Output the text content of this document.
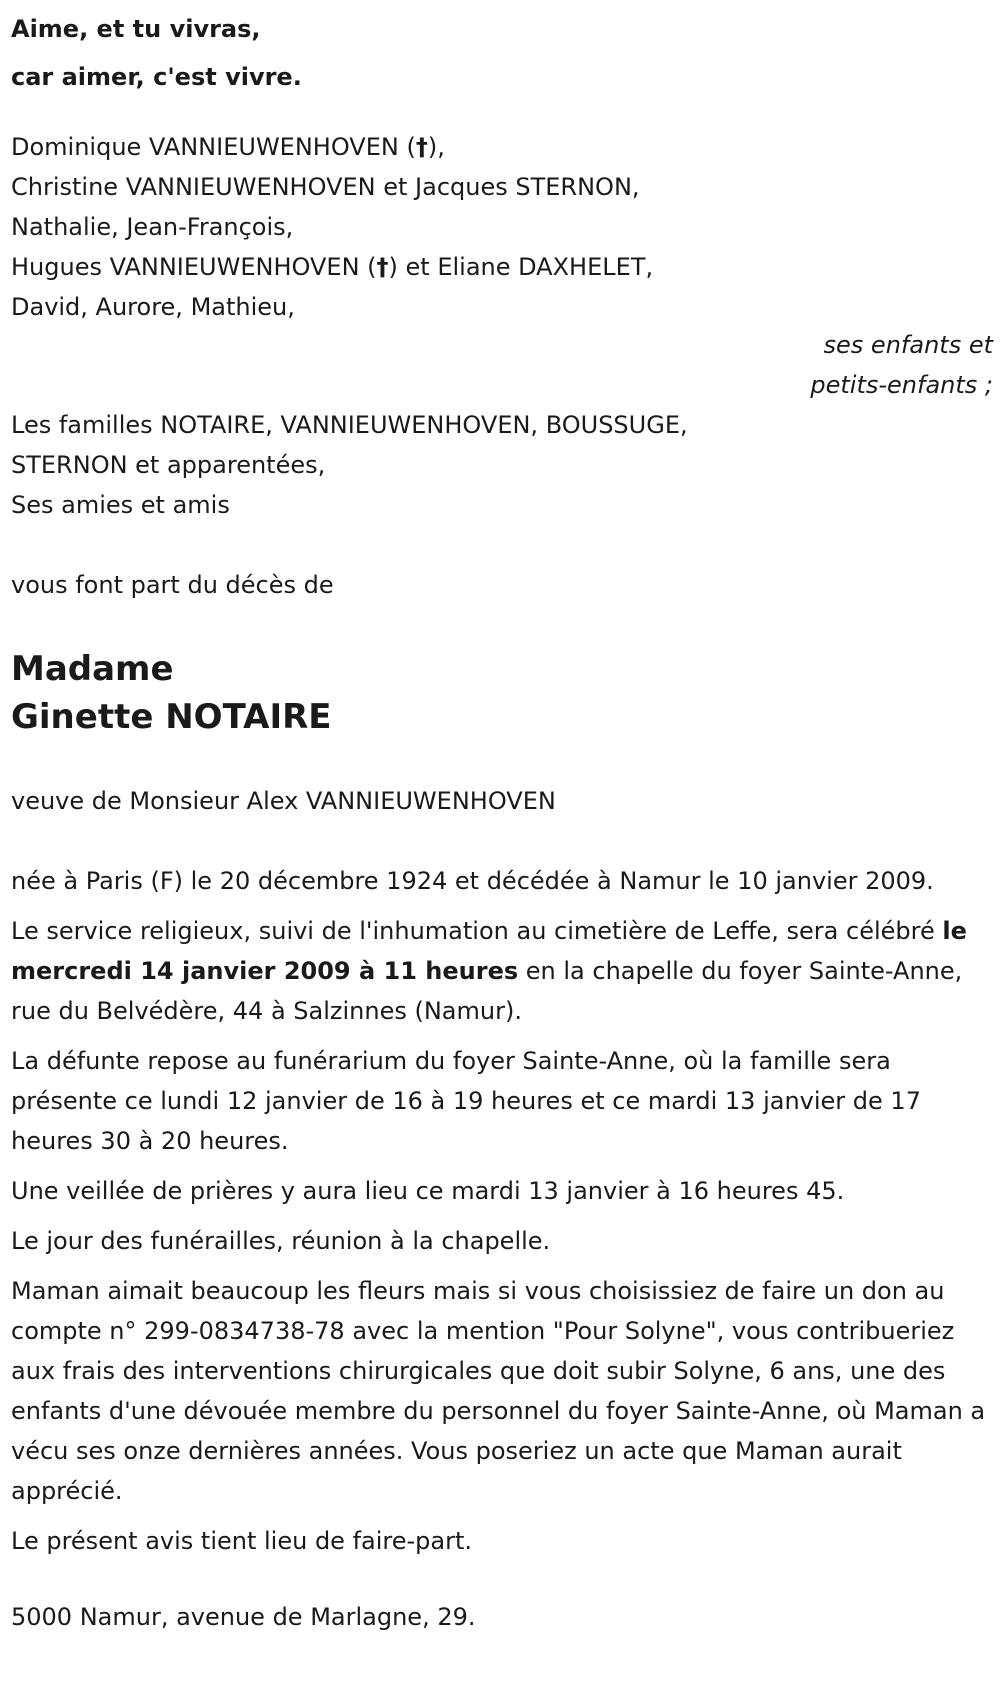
Aime, et tu vivras,
car aimer, c'est vivre.
Dominique VANNIEUWENHOVEN (†),
Christine VANNIEUWENHOVEN et Jacques STERNON,
Nathalie, Jean-François,
Hugues VANNIEUWENHOVEN (†) et Eliane DAXHELET,
David, Aurore, Mathieu,
ses enfants et
petits-enfants ;
Les familles NOTAIRE, VANNIEUWENHOVEN, BOUSSUGE,
STERNON et apparentées,
Ses amies et amis
vous font part du décès de
Madame
Ginette NOTAIRE
veuve de Monsieur Alex VANNIEUWENHOVEN

née à Paris (F) le 20 décembre 1924 et décédée à Namur le 10 janvier 2009.

Le service religieux, suivi de l'inhumation au cimetière de Leffe, sera célébré le mercredi 14 janvier 2009 à 11 heures en la chapelle du foyer Sainte-Anne, rue du Belvédère, 44 à Salzinnes (Namur).

La défunte repose au funérarium du foyer Sainte-Anne, où la famille sera présente ce lundi 12 janvier de 16 à 19 heures et ce mardi 13 janvier de 17 heures 30 à 20 heures.

Une veillée de prières y aura lieu ce mardi 13 janvier à 16 heures 45.

Le jour des funérailles, réunion à la chapelle.

Maman aimait beaucoup les fleurs mais si vous choisissiez de faire un don au compte n° 299-0834738-78 avec la mention "Pour Solyne", vous contribueriez aux frais des interventions chirurgicales que doit subir Solyne, 6 ans, une des enfants d'une dévouée membre du personnel du foyer Sainte-Anne, où Maman a vécu ses onze dernières années. Vous poseriez un acte que Maman aurait apprécié.

Le présent avis tient lieu de faire-part.

5000 Namur, avenue de Marlagne, 29.
